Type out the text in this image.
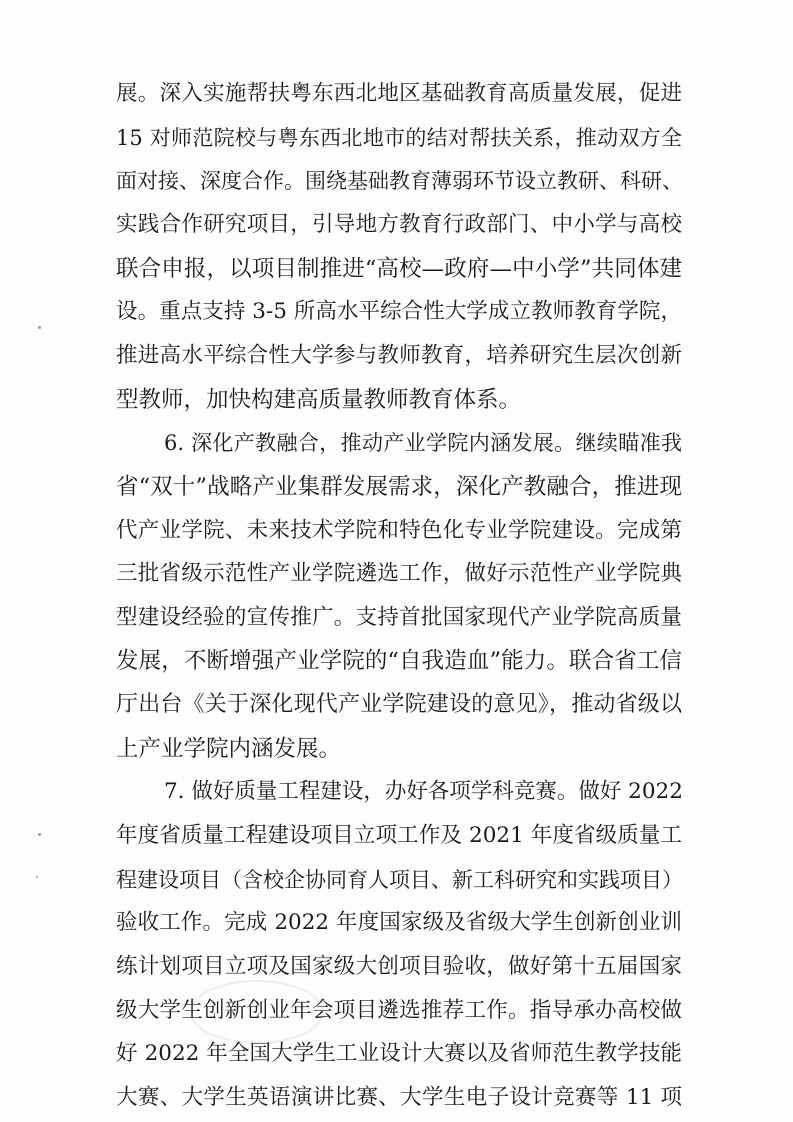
展。深入实施帮扶粤东西北地区基础教育高质量发展，促进
15 对师范院校与粤东西北地市的结对帮扶关系，推动双方全
面对接、深度合作。围绕基础教育薄弱环节设立教研、科研、
实践合作研究项目，引导地方教育行政部门、中小学与高校
联合申报，以项目制推进“高校—政府—中小学”共同体建
设。重点支持 3-5 所高水平综合性大学成立教师教育学院，
推进高水平综合性大学参与教师教育，培养研究生层次创新
型教师，加快构建高质量教师教育体系。
6. 深化产教融合，推动产业学院内涵发展。继续瞄准我
省“双十”战略产业集群发展需求，深化产教融合，推进现
代产业学院、未来技术学院和特色化专业学院建设。完成第
三批省级示范性产业学院遴选工作，做好示范性产业学院典
型建设经验的宣传推广。支持首批国家现代产业学院高质量
发展，不断增强产业学院的“自我造血”能力。联合省工信
厅出台《关于深化现代产业学院建设的意见》，推动省级以
上产业学院内涵发展。
7. 做好质量工程建设，办好各项学科竞赛。做好 2022
年度省质量工程建设项目立项工作及 2021 年度省级质量工
程建设项目（含校企协同育人项目、新工科研究和实践项目）
验收工作。完成 2022 年度国家级及省级大学生创新创业训
练计划项目立项及国家级大创项目验收，做好第十五届国家
级大学生创新创业年会项目遴选推荐工作。指导承办高校做
好 2022 年全国大学生工业设计大赛以及省师范生教学技能
大赛、大学生英语演讲比赛、大学生电子设计竞赛等 11 项
